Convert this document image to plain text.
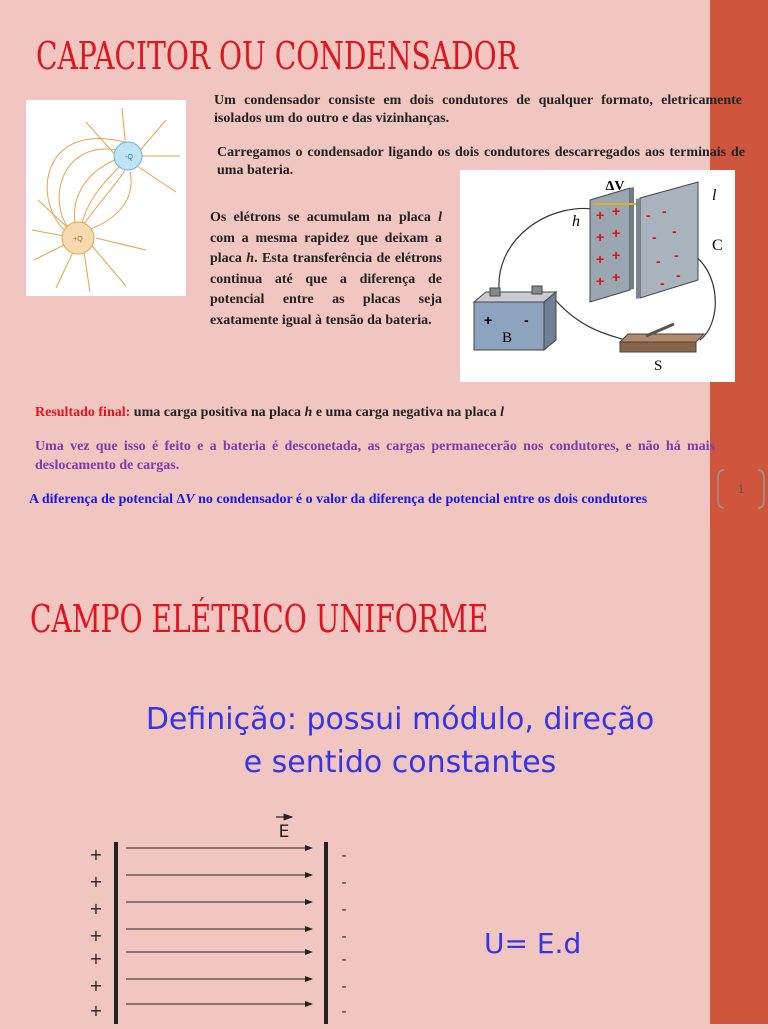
1
CAPACITOR OU CONDENSADOR
+Q
-Q

Um condensador consiste em dois condutores de qualquer formato, eletricamente isolados um do outro e das vizinhanças.

Carregamos o condensador ligando os dois condutores descarregados aos terminais de uma bateria.

Os elétrons se acumulam na placa l com a mesma rapidez que deixam a placa h. Esta transferência de elétrons continua até que a diferença de potencial entre as placas seja exatamente igual à tensão da bateria.

+ +
+ +
+ +
+ +
- -
- -
- -
- -
ΔV
h
l
C
+ -
B
S

Resultado final: uma carga positiva na placa h e uma carga negativa na placa l

Uma vez que isso é feito e a bateria é desconetada, as cargas permanecerão nos condutores, e não há mais deslocamento de cargas.

A diferença de potencial ΔV no condensador é o valor da diferença de potencial entre os dois condutores

CAMPO ELÉTRICO UNIFORME
Definição: possui módulo, direção
e sentido constantes
+	-
+	-
+	-
+	-
+	-
+	-
+	-
E
U= E.d
